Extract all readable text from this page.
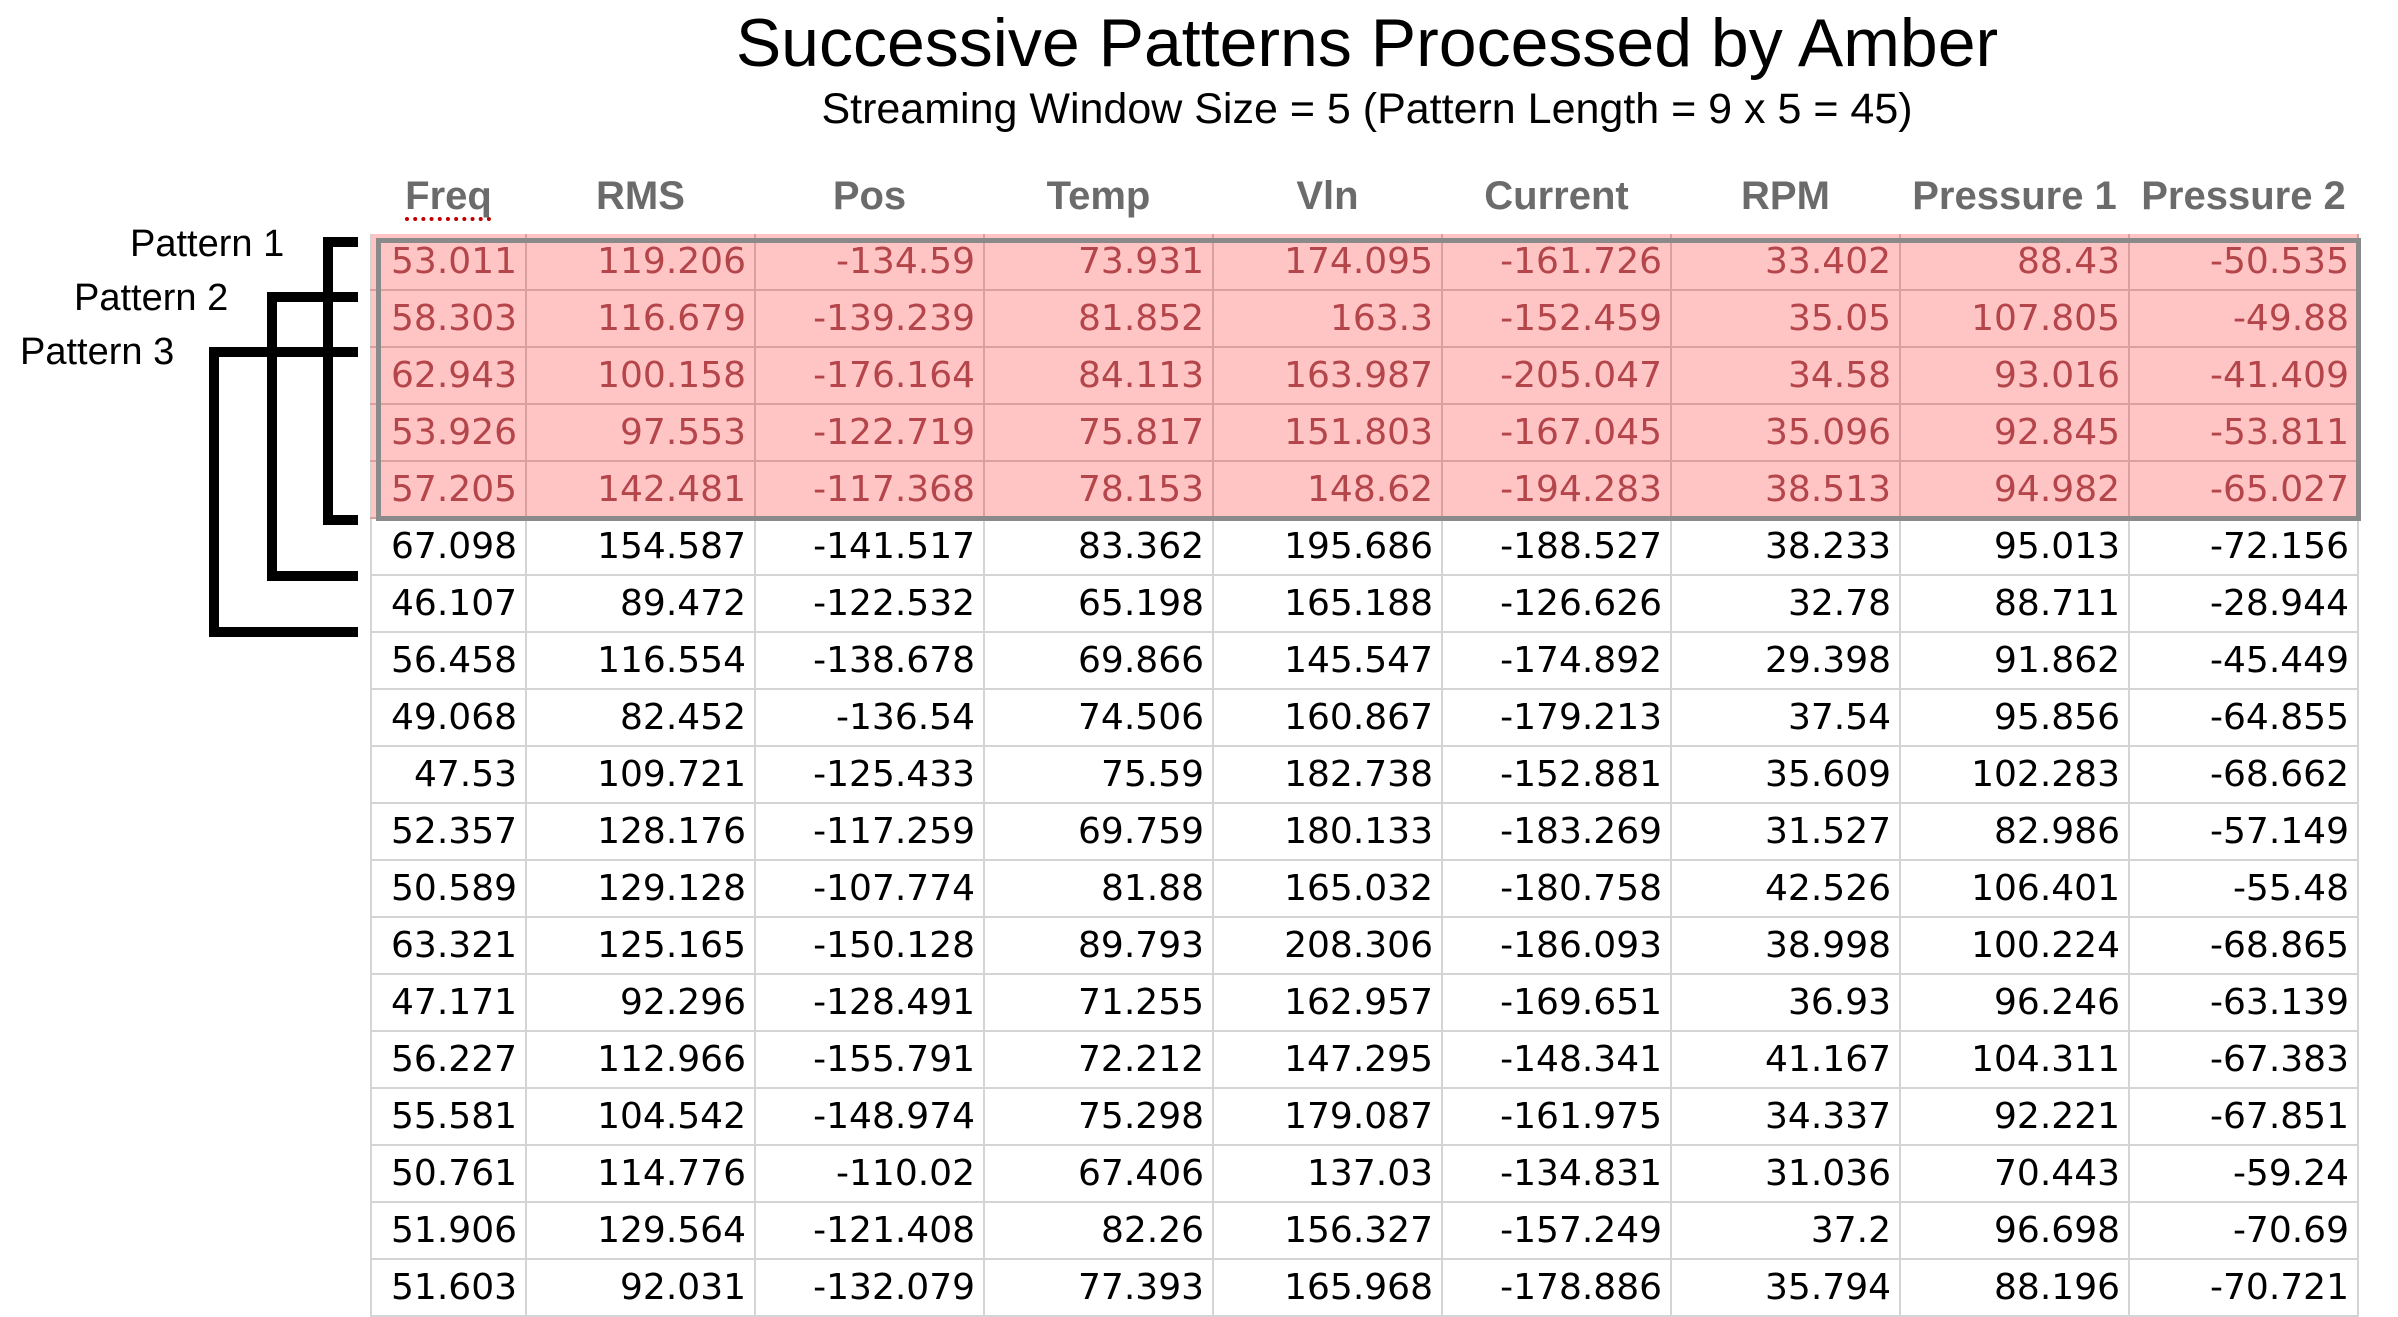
Successive Patterns Processed by Amber
Streaming Window Size = 5 (Pattern Length = 9 x 5 = 45)
Pattern 1
Pattern 2
Pattern 3
Freq	RMS	Pos	Temp	Vln	Current	RPM	Pressure 1	Pressure 2
53.011	119.206	-134.59	73.931	174.095	-161.726	33.402	88.43	-50.535
58.303	116.679	-139.239	81.852	163.3	-152.459	35.05	107.805	-49.88
62.943	100.158	-176.164	84.113	163.987	-205.047	34.58	93.016	-41.409
53.926	97.553	-122.719	75.817	151.803	-167.045	35.096	92.845	-53.811
57.205	142.481	-117.368	78.153	148.62	-194.283	38.513	94.982	-65.027
67.098	154.587	-141.517	83.362	195.686	-188.527	38.233	95.013	-72.156
46.107	89.472	-122.532	65.198	165.188	-126.626	32.78	88.711	-28.944
56.458	116.554	-138.678	69.866	145.547	-174.892	29.398	91.862	-45.449
49.068	82.452	-136.54	74.506	160.867	-179.213	37.54	95.856	-64.855
47.53	109.721	-125.433	75.59	182.738	-152.881	35.609	102.283	-68.662
52.357	128.176	-117.259	69.759	180.133	-183.269	31.527	82.986	-57.149
50.589	129.128	-107.774	81.88	165.032	-180.758	42.526	106.401	-55.48
63.321	125.165	-150.128	89.793	208.306	-186.093	38.998	100.224	-68.865
47.171	92.296	-128.491	71.255	162.957	-169.651	36.93	96.246	-63.139
56.227	112.966	-155.791	72.212	147.295	-148.341	41.167	104.311	-67.383
55.581	104.542	-148.974	75.298	179.087	-161.975	34.337	92.221	-67.851
50.761	114.776	-110.02	67.406	137.03	-134.831	31.036	70.443	-59.24
51.906	129.564	-121.408	82.26	156.327	-157.249	37.2	96.698	-70.69
51.603	92.031	-132.079	77.393	165.968	-178.886	35.794	88.196	-70.721
